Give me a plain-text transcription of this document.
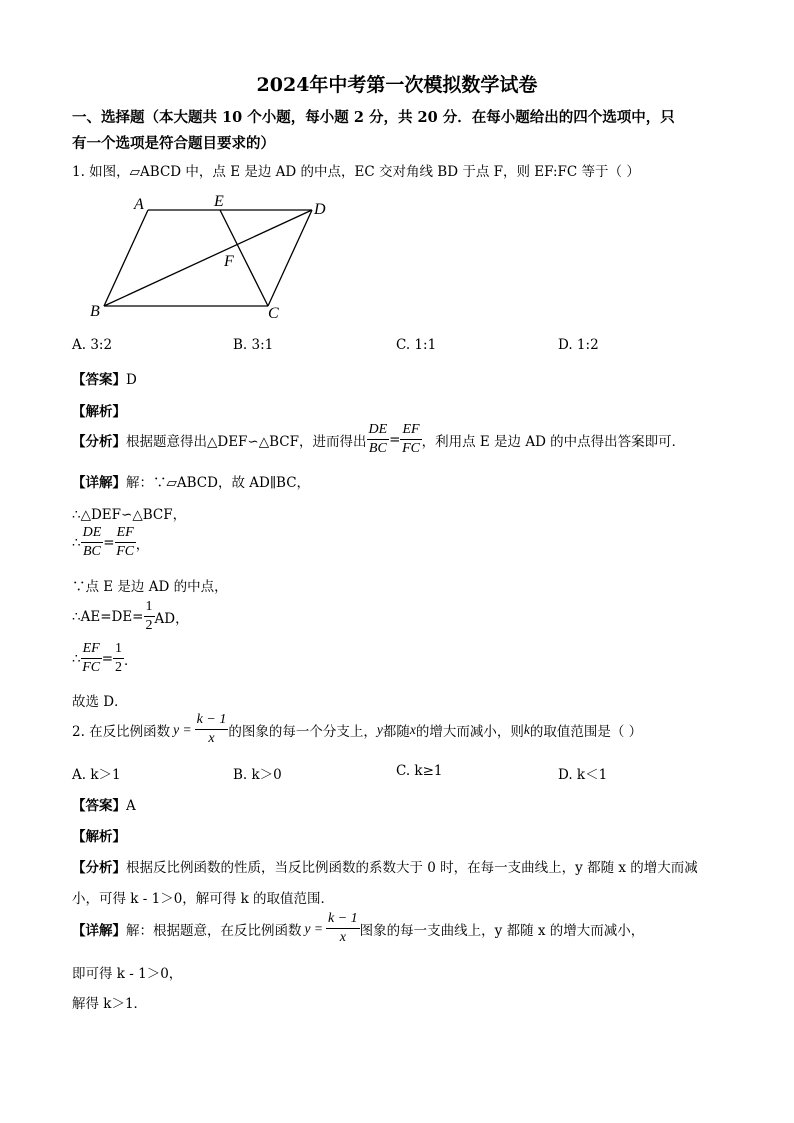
2024年中考第一次模拟数学试卷
一、选择题（本大题共 10 个小题，每小题 2 分，共 20 分．在每小题给出的四个选项中，只
有一个选项是符合题目要求的）
1. 如图，▱ABCD 中，点 E 是边 AD 的中点，EC 交对角线 BD 于点 F，则 EF:FC 等于（ ）
A	E	D
F
B	C
A. 3:2	B. 3:1	C. 1:1	D. 1:2
【答案】D
【解析】
【分析】 根据题意得出△DEF∽△BCF，进而得出 $\frac{DE}{BC} = \frac{EF}{FC}$ ，利用点 E 是边 AD 的中点得出答案即可．
【详解】解：∵▱ABCD，故 AD∥BC，
∴△DEF∽△BCF，
∴ $\frac{DE}{BC} = \frac{EF}{FC}$ ，
∵点 E 是边 AD 的中点，
∴AE=DE= $\frac{1}{2}$ AD，
∴ $\frac{EF}{FC} = \frac{1}{2}$ ．
故选 D．
2. 在反比例函数 $y = \frac{k - 1}{x}$ 的图象的每一个分支上， y 都随 x 的增大而减小，则 k 的取值范围是（ ）
A. k＞1	B. k＞0	C. k≥1	D. k＜1
【答案】A
【解析】
【分析】根据反比例函数的性质，当反比例函数的系数大于 0 时，在每一支曲线上，y 都随 x 的增大而减
小，可得 k - 1＞0，解可得 k 的取值范围．
【详解】 解：根据题意，在反比例函数 $y = \frac{k - 1}{x}$ 图象的每一支曲线上，y 都随 x 的增大而减小，
即可得 k - 1＞0，
解得 k＞1．
